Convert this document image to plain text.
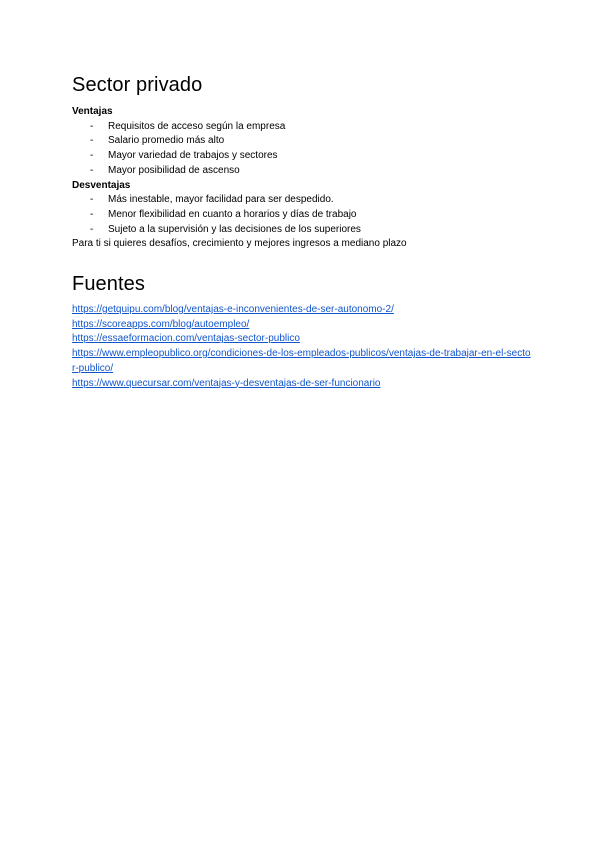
Sector privado

Ventajas

- Requisitos de acceso según la empresa
- Salario promedio más alto
- Mayor variedad de trabajos y sectores
- Mayor posibilidad de ascenso

Desventajas

- Más inestable, mayor facilidad para ser despedido.
- Menor flexibilidad en cuanto a horarios y días de trabajo
- Sujeto a la supervisión y las decisiones de los superiores

Para ti si quieres desafíos, crecimiento y mejores ingresos a mediano plazo

Fuentes
https://getquipu.com/blog/ventajas-e-inconvenientes-de-ser-autonomo-2/
https://scoreapps.com/blog/autoempleo/
https://essaeformacion.com/ventajas-sector-publico
https://www.empleopublico.org/condiciones-de-los-empleados-publicos/ventajas-de-trabajar-en-el-sector-publico/
https://www.quecursar.com/ventajas-y-desventajas-de-ser-funcionario
